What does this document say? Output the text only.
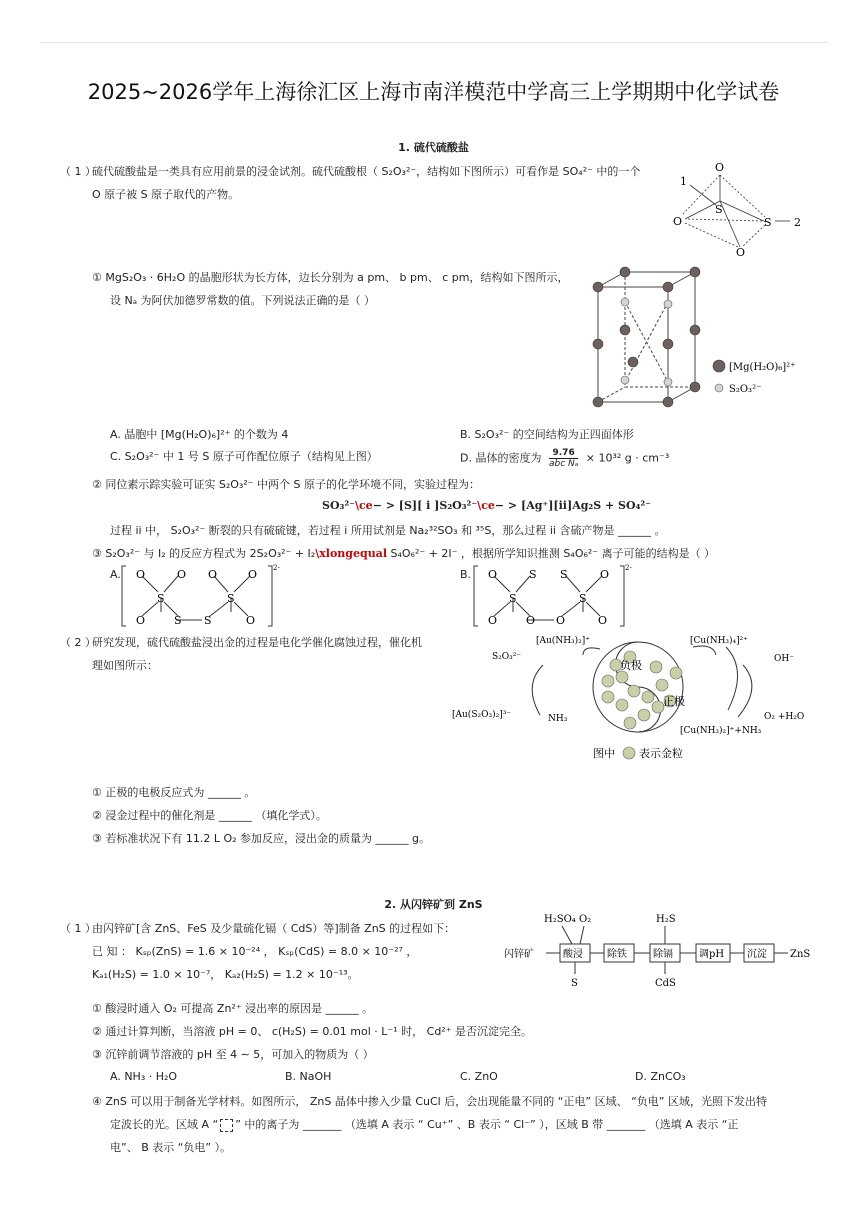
2025~2026学年上海徐汇区上海市南洋模范中学高三上学期期中化学试卷
1. 硫代硫酸盐
（ 1 ）
硫代硫酸盐是一类具有应用前景的浸金试剂。硫代硫酸根（ S₂O₃²⁻，结构如下图所示）可看作是 SO₄²⁻ 中的一个
O 原子被 S 原子取代的产物。
O
1
S
O	S 2
O
① MgS₂O₃ · 6H₂O 的晶胞形状为长方体，边长分别为 a pm、 b pm、 c pm，结构如下图所示，
设 Nₐ 为阿伏加德罗常数的值。下列说法正确的是（ ）
[Mg(H₂O)₆]²⁺
S₂O₃²⁻
A. 晶胞中 [Mg(H₂O)₆]²⁺ 的个数为 4	B. S₂O₃²⁻ 的空间结构为正四面体形
C. S₂O₃²⁻ 中 1 号 S 原子可作配位原子（结构见上图）	D. 晶体的密度为	9.76
abc Nₐ × 10³² g · cm⁻³
② 同位素示踪实验可证实 S₂O₃²⁻ 中两个 S 原子的化学环境不同，实验过程为：
SO₃²⁻\ce− > [S][ i ]S₂O₃²⁻\ce− > [Ag⁺][ii]Ag₂S + SO₄²⁻
过程 ii 中， S₂O₃²⁻ 断裂的只有硫硫键，若过程 i 所用试剂是 Na₂³²SO₃ 和 ³⁵S，那么过程 ii 含硫产物是 ______ 。
③ S₂O₃²⁻ 与 I₂ 的反应方程式为 2S₂O₃²⁻ + I₂\xlongequal S₄O₆²⁻ + 2I⁻ ，根据所学知识推测 S₄O₆²⁻ 离子可能的结构是（ ）
A. O	O
S
O	S S
O	O
S
O
2-	B. O	S
S
O	O O
S	O
S
O
2-
（ 2 ）
研究发现，硫代硫酸盐浸出金的过程是电化学催化腐蚀过程，催化机
理如图所示：	负极
正极
[Au(NH₃)₂]⁺
S₂O₃²⁻
[Cu(NH₃)₄]²⁺
OH⁻
[Au(S₂O₃)₂]³⁻	NH₃	O₂ +H₂O
[Cu(NH₃)₂]⁺+NH₃
图中 表示金粒
① 正极的电极反应式为 ______ 。
② 浸金过程中的催化剂是 ______ （填化学式）。
③ 若标准状况下有 11.2 L O₂ 参加反应，浸出金的质量为 ______ g。
2. 从闪锌矿到 ZnS
（ 1 ）
由闪锌矿[含 ZnS、FeS 及少量硫化镉（ CdS）等]制备 ZnS 的过程如下：
已 知 ： Kₛₚ(ZnS) = 1.6 × 10⁻²⁴ ， Kₛₚ(CdS) = 8.0 × 10⁻²⁷ ，
Kₐ₁(H₂S) = 1.0 × 10⁻⁷， Kₐ₂(H₂S) = 1.2 × 10⁻¹³。
H₂SO₄ O₂	H₂S
闪锌矿	酸浸 除铁	除镉	调pH 沉淀 ZnS
S	CdS
① 酸浸时通入 O₂ 可提高 Zn²⁺ 浸出率的原因是 ______ 。
② 通过计算判断，当溶液 pH = 0、 c(H₂S) = 0.01 mol · L⁻¹ 时， Cd²⁺ 是否沉淀完全。
③ 沉锌前调节溶液的 pH 至 4 ∼ 5，可加入的物质为（ ）
A. NH₃ · H₂O	B. NaOH	C. ZnO	D. ZnCO₃
④ ZnS 可以用于制备光学材料。如图所示， ZnS 晶体中掺入少量 CuCl 后，会出现能量不同的 “正电” 区域、 “负电” 区域，光照下发出特
定波长的光。区域 A “ ” 中的离子为 _______ （选填 A 表示 “ Cu⁺” 、B 表示 “ Cl⁻” ），区域 B 带 _______ （选填 A 表示 “正
电”、 B 表示 “负电” ）。
